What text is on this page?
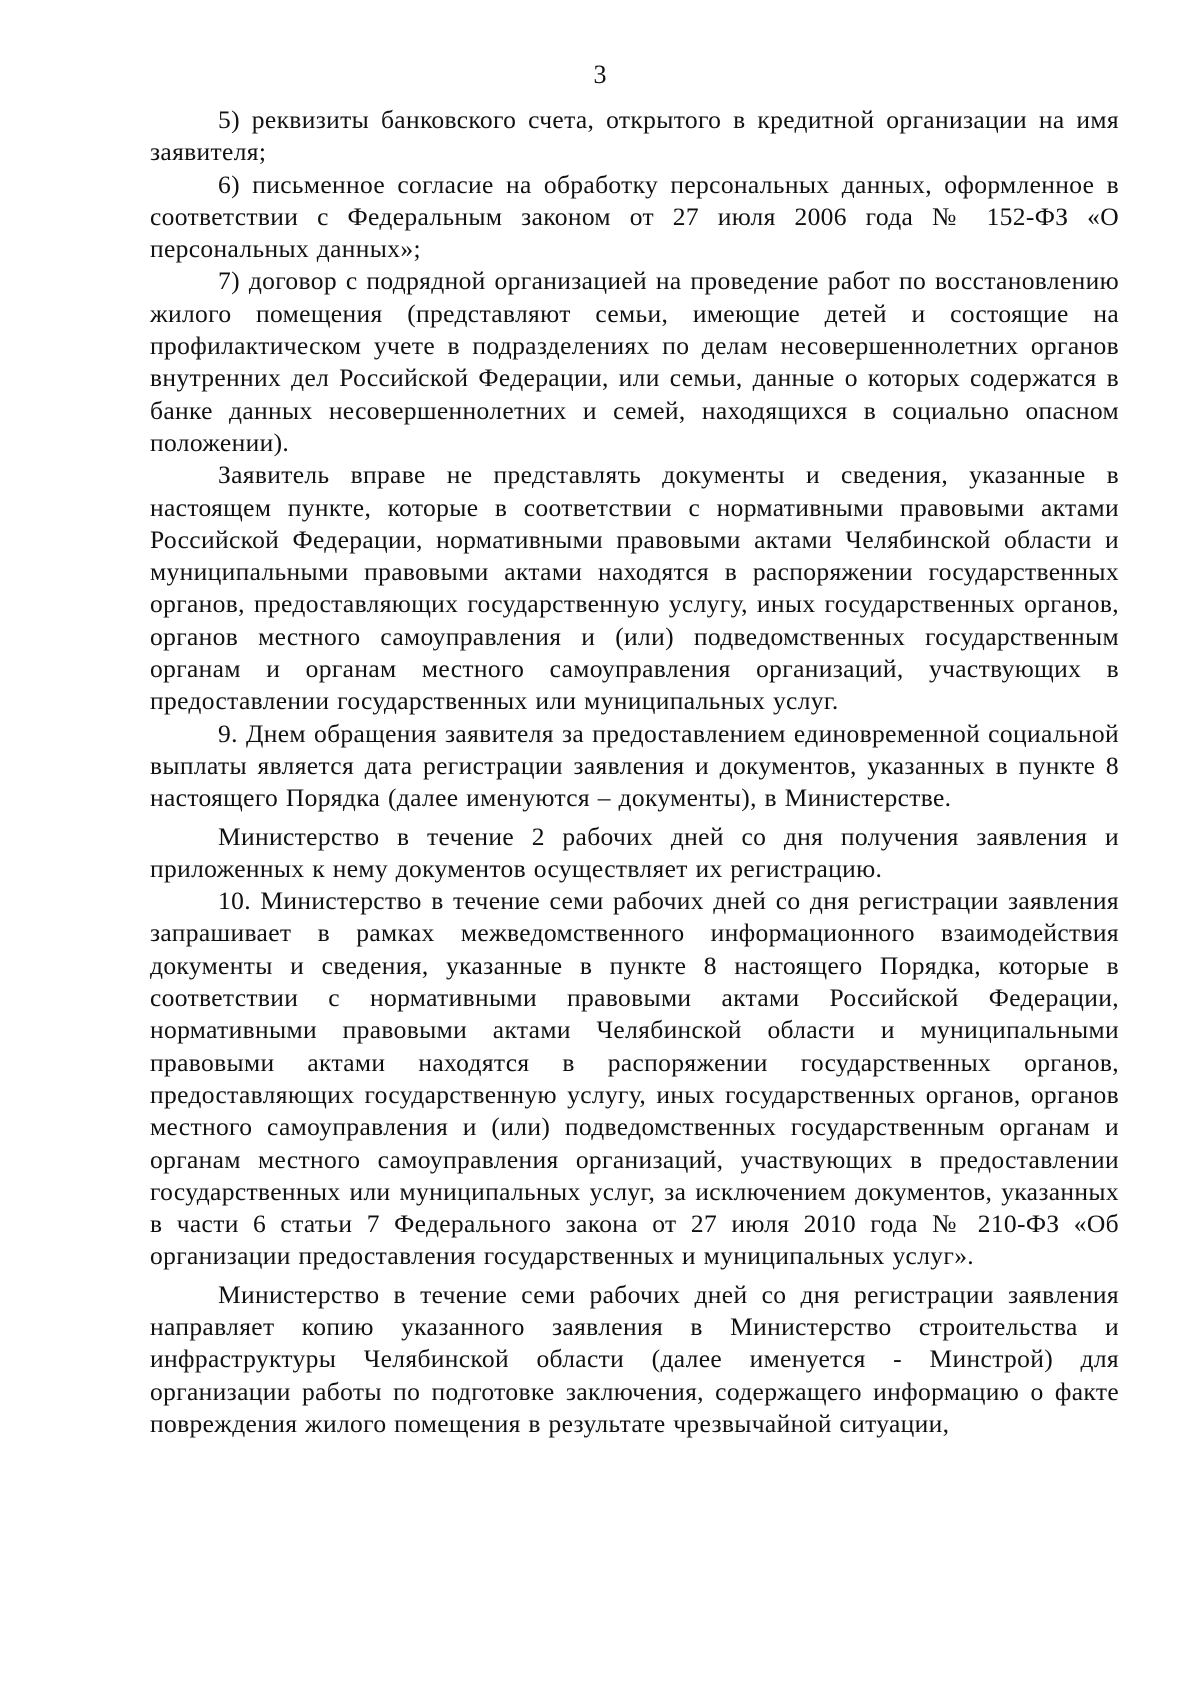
3

5) реквизиты банковского счета, открытого в кредитной организации на имя заявителя;

6) письменное согласие на обработку персональных данных, оформленное в соответствии с Федеральным законом от 27 июля 2006 года № 152-ФЗ «О персональных данных»;

7) договор с подрядной организацией на проведение работ по восстановлению жилого помещения (представляют семьи, имеющие детей и состоящие на профилактическом учете в подразделениях по делам несовершеннолетних органов внутренних дел Российской Федерации, или семьи, данные о которых содержатся в банке данных несовершеннолетних и семей, находящихся в социально опасном положении).

Заявитель вправе не представлять документы и сведения, указанные в настоящем пункте, которые в соответствии с нормативными правовыми актами Российской Федерации, нормативными правовыми актами Челябинской области и муниципальными правовыми актами находятся в распоряжении государственных органов, предоставляющих государственную услугу, иных государственных органов, органов местного самоуправления и (или) подведомственных государственным органам и органам местного самоуправления организаций, участвующих в предоставлении государственных или муниципальных услуг.

9. Днем обращения заявителя за предоставлением единовременной социальной выплаты является дата регистрации заявления и документов, указанных в пункте 8 настоящего Порядка (далее именуются – документы), в Министерстве.

Министерство в течение 2 рабочих дней со дня получения заявления и приложенных к нему документов осуществляет их регистрацию.

10. Министерство в течение семи рабочих дней со дня регистрации заявления запрашивает в рамках межведомственного информационного взаимодействия документы и сведения, указанные в пункте 8 настоящего Порядка, которые в соответствии с нормативными правовыми актами Российской Федерации, нормативными правовыми актами Челябинской области и муниципальными правовыми актами находятся в распоряжении государственных органов, предоставляющих государственную услугу, иных государственных органов, органов местного самоуправления и (или) подведомственных государственным органам и органам местного самоуправления организаций, участвующих в предоставлении государственных или муниципальных услуг, за исключением документов, указанных в части 6 статьи 7 Федерального закона от 27 июля 2010 года № 210-ФЗ «Об организации предоставления государственных и муниципальных услуг».

Министерство в течение семи рабочих дней со дня регистрации заявления направляет копию указанного заявления в Министерство строительства и инфраструктуры Челябинской области (далее именуется - Минстрой) для организации работы по подготовке заключения, содержащего информацию о факте повреждения жилого помещения в результате чрезвычайной ситуации,
